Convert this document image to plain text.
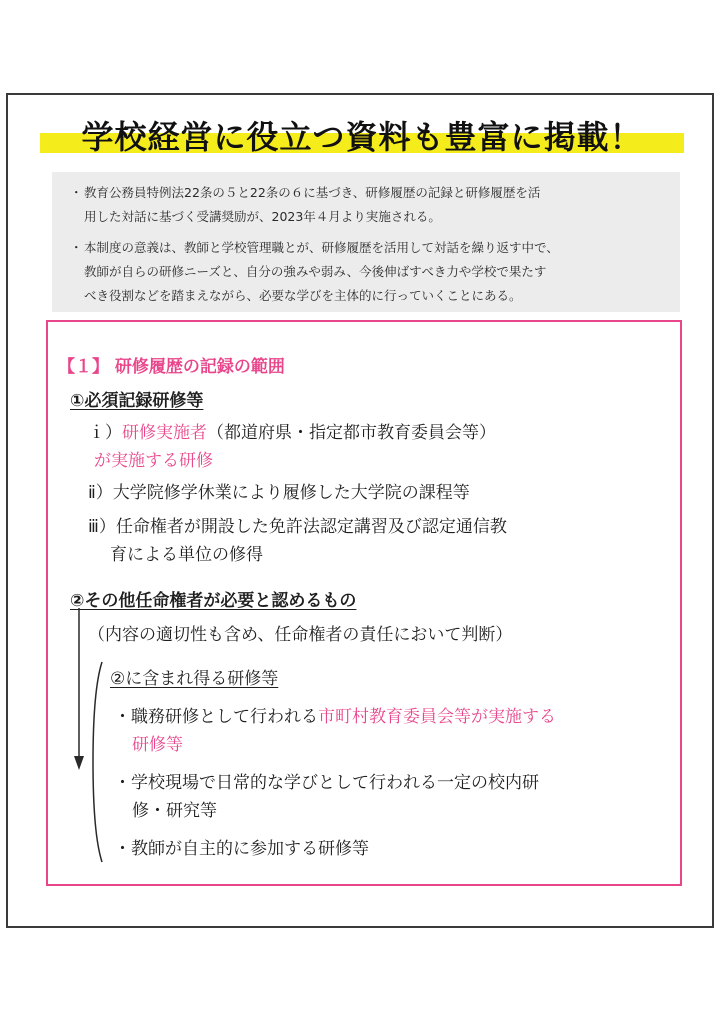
学校経営に役立つ資料も豊富に掲載！
・ 教育公務員特例法22条の５と22条の６に基づき、研修履歴の記録と研修履歴を活
用した対話に基づく受講奨励が、2023年４月より実施される。
・ 本制度の意義は、教師と学校管理職とが、研修履歴を活用して対話を繰り返す中で、
教師が自らの研修ニーズと、自分の強みや弱み、今後伸ばすべき力や学校で果たす
べき役割などを踏まえながら、必要な学びを主体的に行っていくことにある。
【１】 研修履歴の記録の範囲
①必須記録研修等
ｉ）研修実施者（都道府県・指定都市教育委員会等）
が実施する研修
ⅱ）大学院修学休業により履修した大学院の課程等
ⅲ）任命権者が開設した免許法認定講習及び認定通信教
育による単位の修得
②その他任命権者が必要と認めるもの
（内容の適切性も含め、任命権者の責任において判断）
②に含まれ得る研修等
・職務研修として行われる市町村教育委員会等が実施する
研修等
・学校現場で日常的な学びとして行われる一定の校内研
修・研究等
・教師が自主的に参加する研修等
